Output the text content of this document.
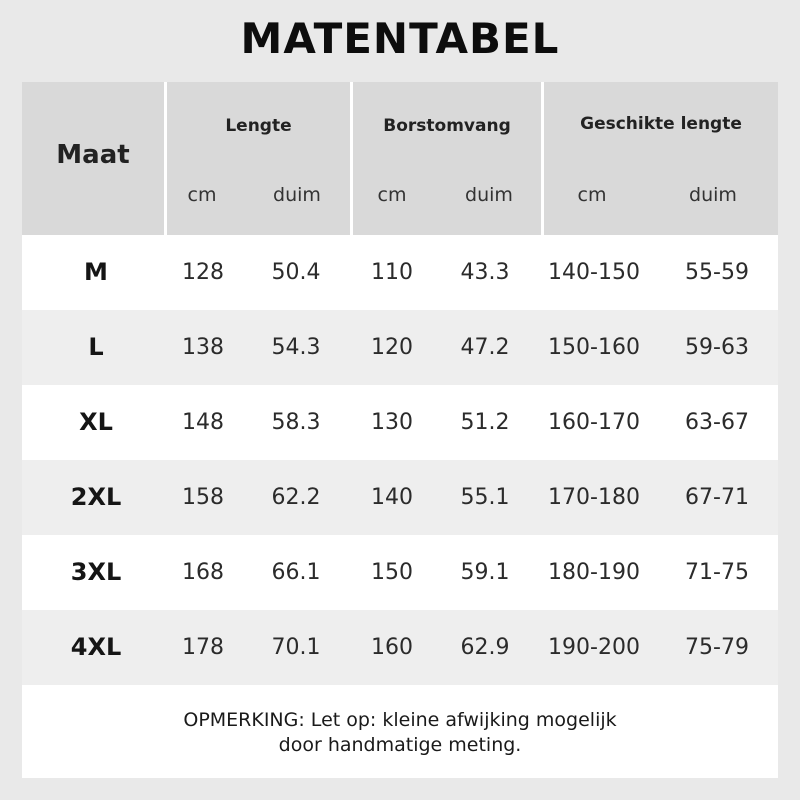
MATENTABEL
Maat
Lengte	Borstomvang	Geschikte lengte
cm	duim	cm	duim	cm	duim
M	128	50.4	110	43.3	140-150	55-59
L	138	54.3	120	47.2	150-160	59-63
XL	148	58.3	130	51.2	160-170	63-67
2XL	158	62.2	140	55.1	170-180	67-71
3XL	168	66.1	150	59.1	180-190	71-75
4XL	178	70.1	160	62.9	190-200	75-79
OPMERKING: Let op: kleine afwijking mogelijk
door handmatige meting.
